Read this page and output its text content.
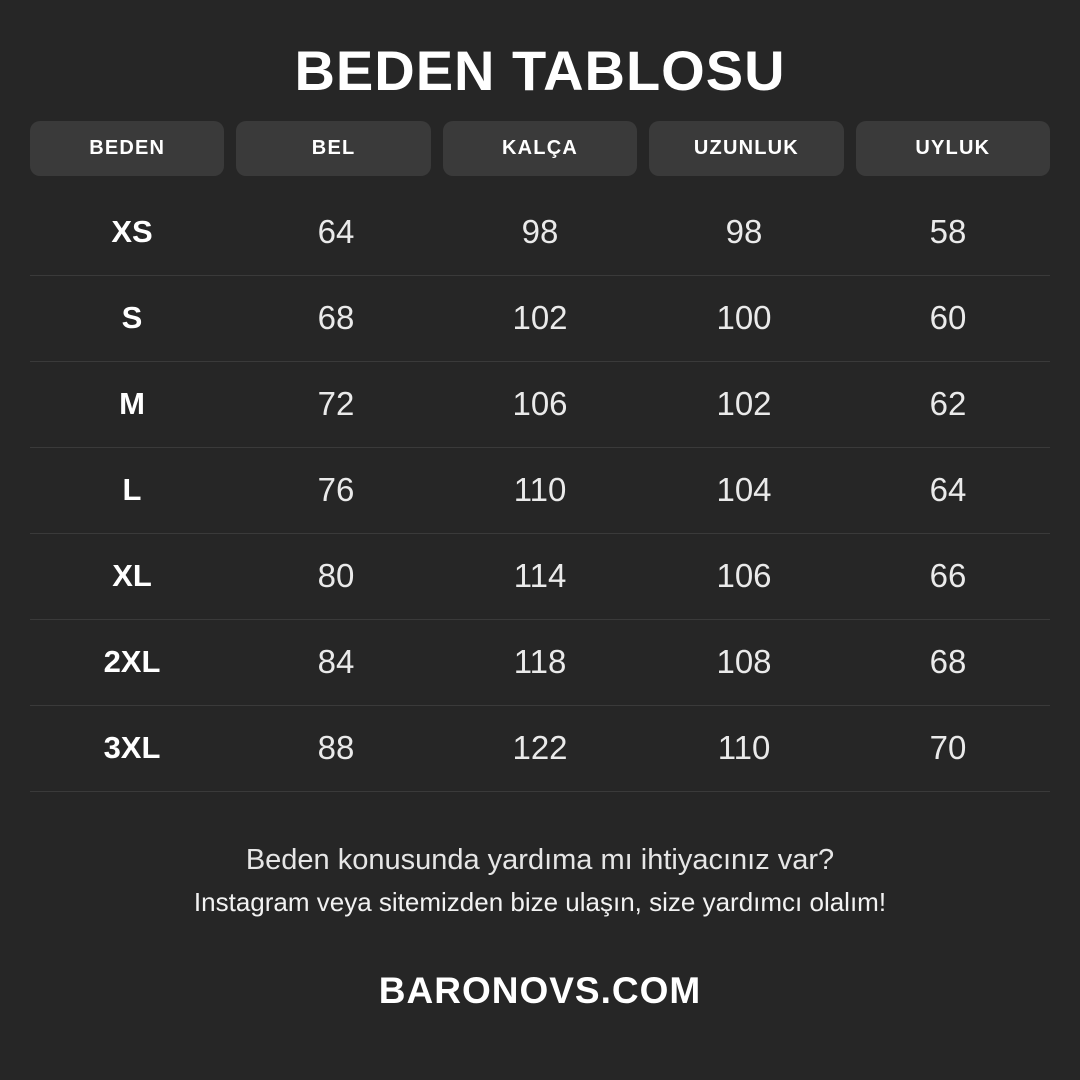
BEDEN TABLOSU
BEDEN	BEL	KALÇA	UZUNLUK	UYLUK
XS	64	98	98	58
S	68	102	100	60
M	72	106	102	62
L	76	110	104	64
XL	80	114	106	66
2XL	84	118	108	68
3XL	88	122	110	70
Beden konusunda yardıma mı ihtiyacınız var?
Instagram veya sitemizden bize ulaşın, size yardımcı olalım!
BARONOVS.COM
